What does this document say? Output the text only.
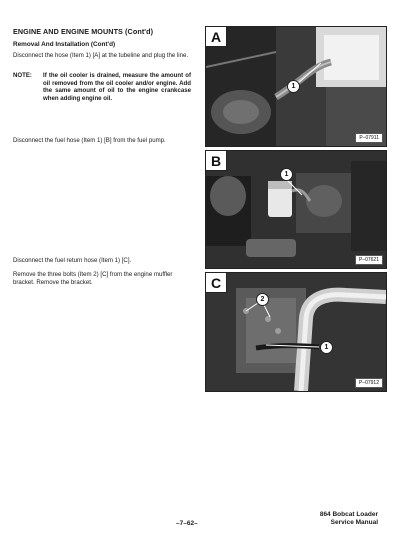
ENGINE AND ENGINE MOUNTS (Cont'd)

Removal And Installation (Cont'd)

Disconnect the hose (Item 1) [A] at the tubeline and plug the line.

NOTE:	If the oil cooler is drained, measure the amount of oil removed from the oil cooler and/or engine. Add the same amount of oil to the engine crankcase when adding engine oil.

Disconnect the fuel hose (Item 1) [B] from the fuel pump.

Disconnect the fuel return hose (Item 1) [C].

Remove the three bolts (Item 2) [C] from the engine muffler bracket. Remove the bracket.

A
1
P–07911
B
1
P–07621
C
2
1
P–07912

–7–62–

864 Bobcat Loader
Service Manual
